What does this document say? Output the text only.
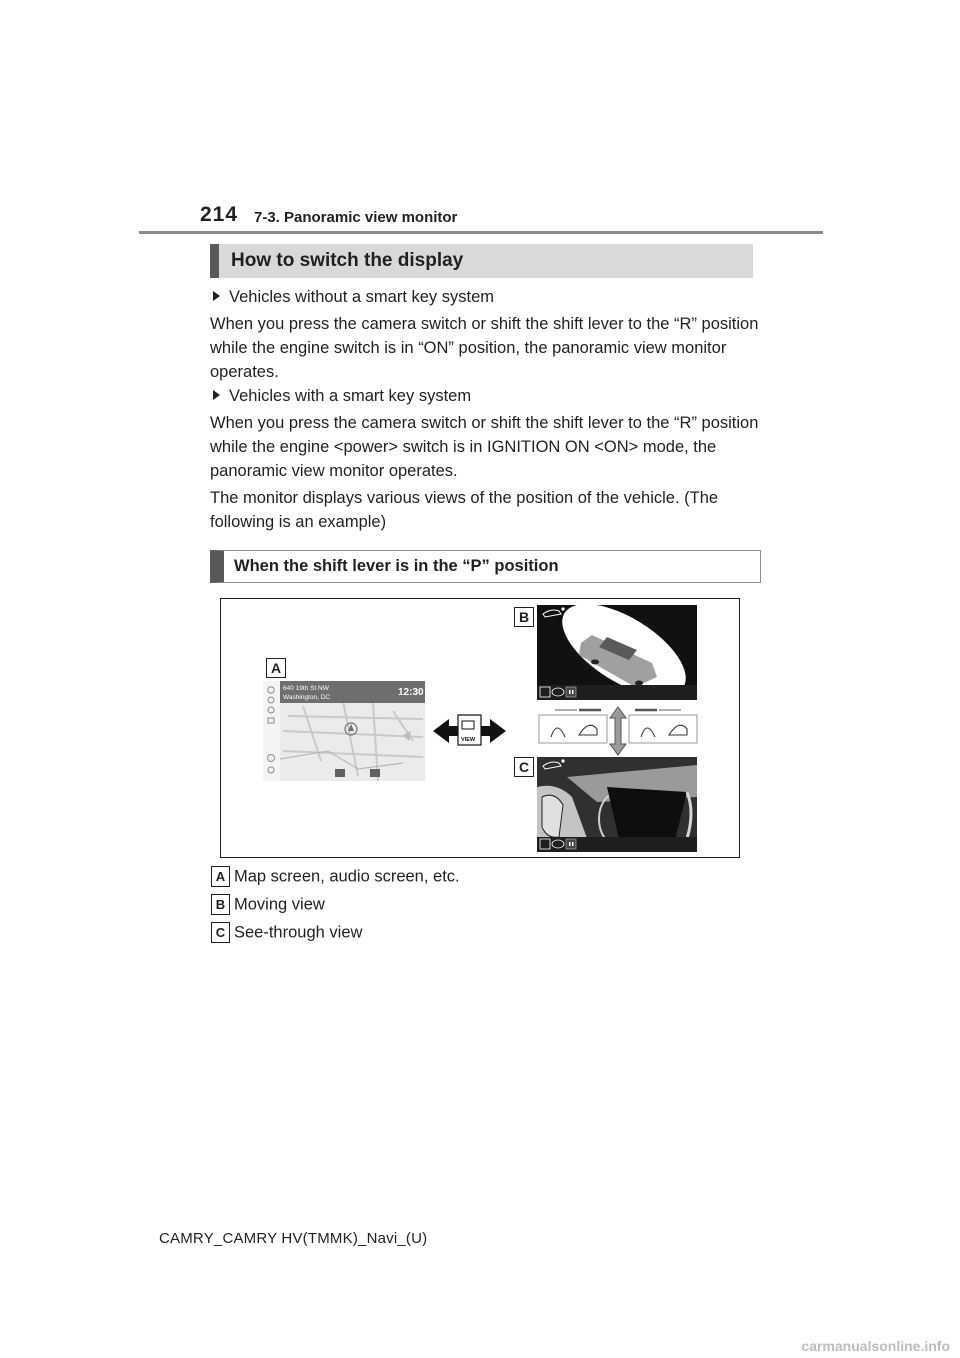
214 7-3. Panoramic view monitor
How to switch the display
Vehicles without a smart key system
When you press the camera switch or shift the shift lever to the “R” position while the engine switch is in “ON” position, the panoramic view monitor operates.
Vehicles with a smart key system
When you press the camera switch or shift the shift lever to the “R” position while the engine <power> switch is in IGNITION ON <ON> mode, the panoramic view monitor operates.
The monitor displays various views of the position of the vehicle. (The following is an example)
When the shift lever is in the “P” position
A
B
C
640 19th St NW
Washington, DC	12:30
VIEW
A Map screen, audio screen, etc.
B Moving view
C See-through view
CAMRY_CAMRY HV(TMMK)_Navi_(U)
carmanualsonline.info
